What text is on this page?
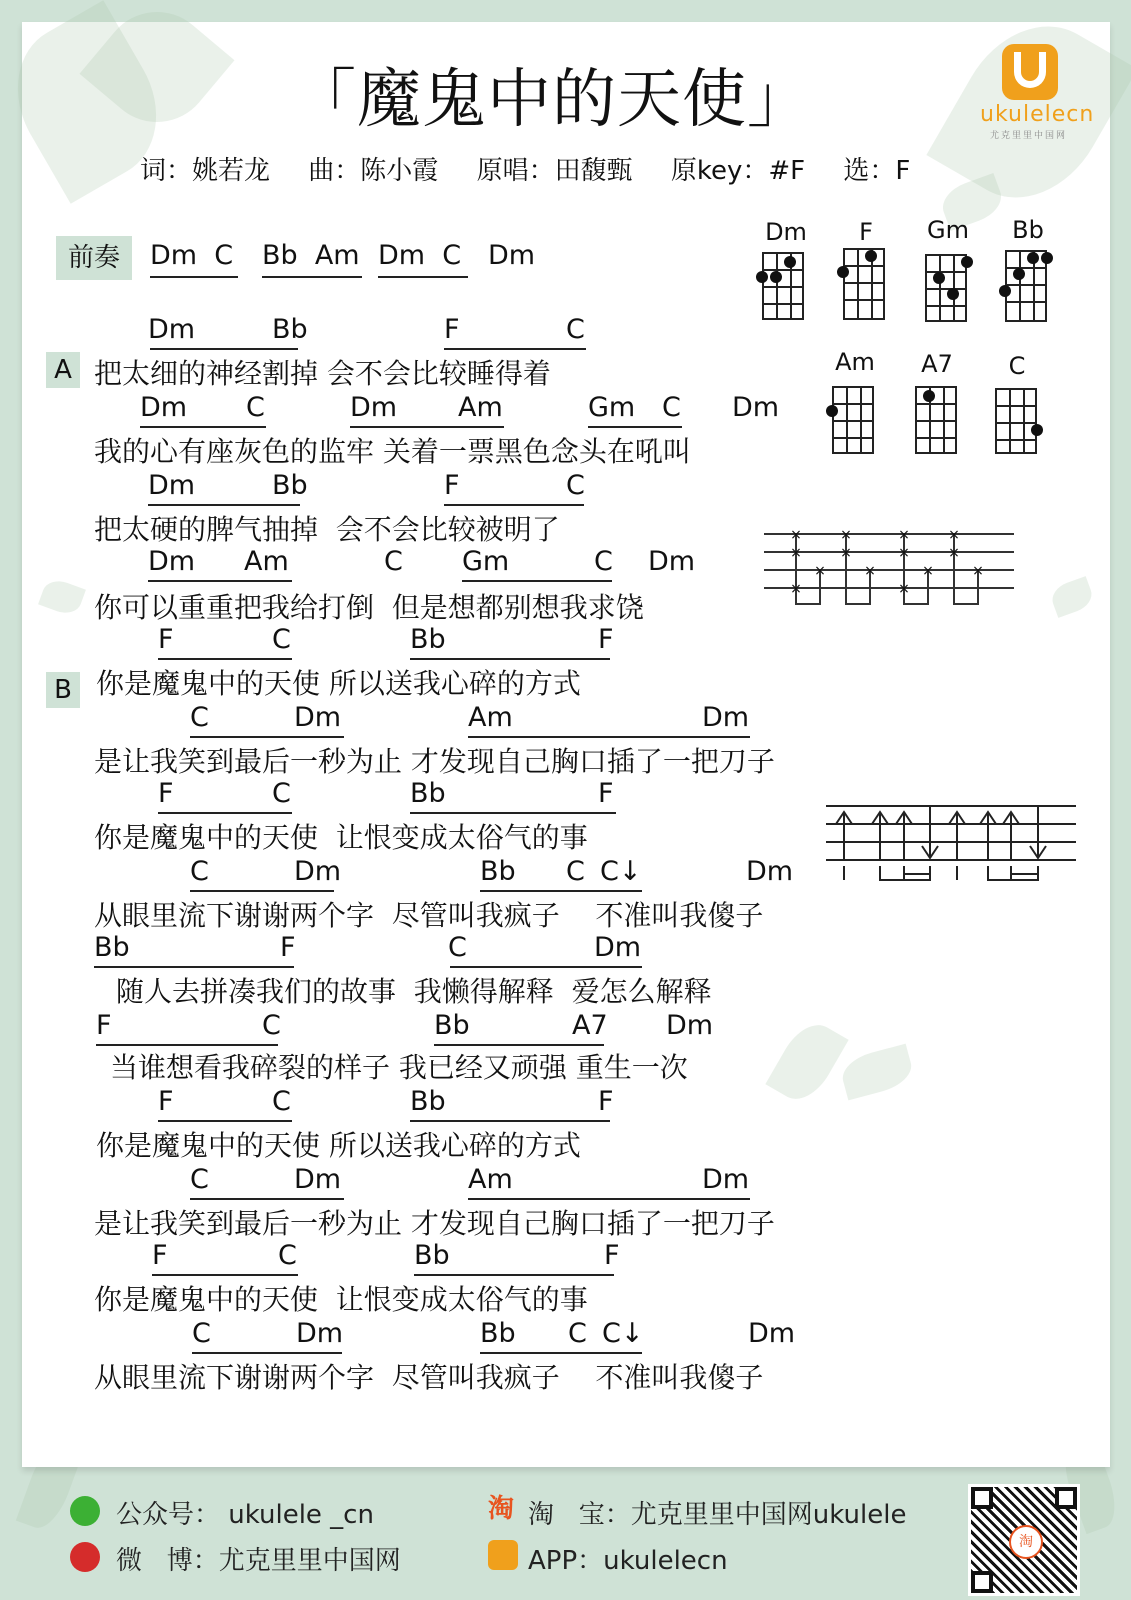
「魔鬼中的天使」
词：姚若龙 曲：陈小霞 原唱：田馥甄 原key：#F 选：F
ukulelecn
尤克里里中国网
前奏	Dm  C Bb  Am Dm  C Dm
A
B
Dm	Bb	F	C
把太细的神经割掉 会不会比较睡得着
Dm C	Dm Am	Gm C Dm
我的心有座灰色的监牢 关着一票黑色念头在吼叫
Dm	Bb	F	C
把太硬的脾气抽掉  会不会比较被明了
Dm Am	C Gm	C Dm
你可以重重把我给打倒  但是想都别想我求饶
F	C	Bb	F
你是魔鬼中的天使 所以送我心碎的方式
C	Dm	Am	Dm
是让我笑到最后一秒为止 才发现自己胸口插了一把刀子
F	C	Bb	F
你是魔鬼中的天使  让恨变成太俗气的事
C	Dm	Bb C C↓	Dm
从眼里流下谢谢两个字  尽管叫我疯子    不准叫我傻子
Bb	F	C	Dm
随人去拼凑我们的故事  我懒得解释  爱怎么解释
F	C	Bb	A7 Dm
当谁想看我碎裂的样子 我已经又顽强 重生一次
F	C	Bb	F
你是魔鬼中的天使 所以送我心碎的方式
C	Dm	Am	Dm
是让我笑到最后一秒为止 才发现自己胸口插了一把刀子
F	C	Bb	F
你是魔鬼中的天使  让恨变成太俗气的事
C	Dm	Bb C C↓	Dm
从眼里流下谢谢两个字  尽管叫我疯子    不准叫我傻子
Dm	F	Gm	Bb
Am	A7	C
×
×
×
×
×
×
×
×
×
×
×
×
×
×
公众号： ukulele _cn
微   博：尤克里里中国网
淘 淘   宝：尤克里里中国网ukulele
APP：ukulelecn
淘
